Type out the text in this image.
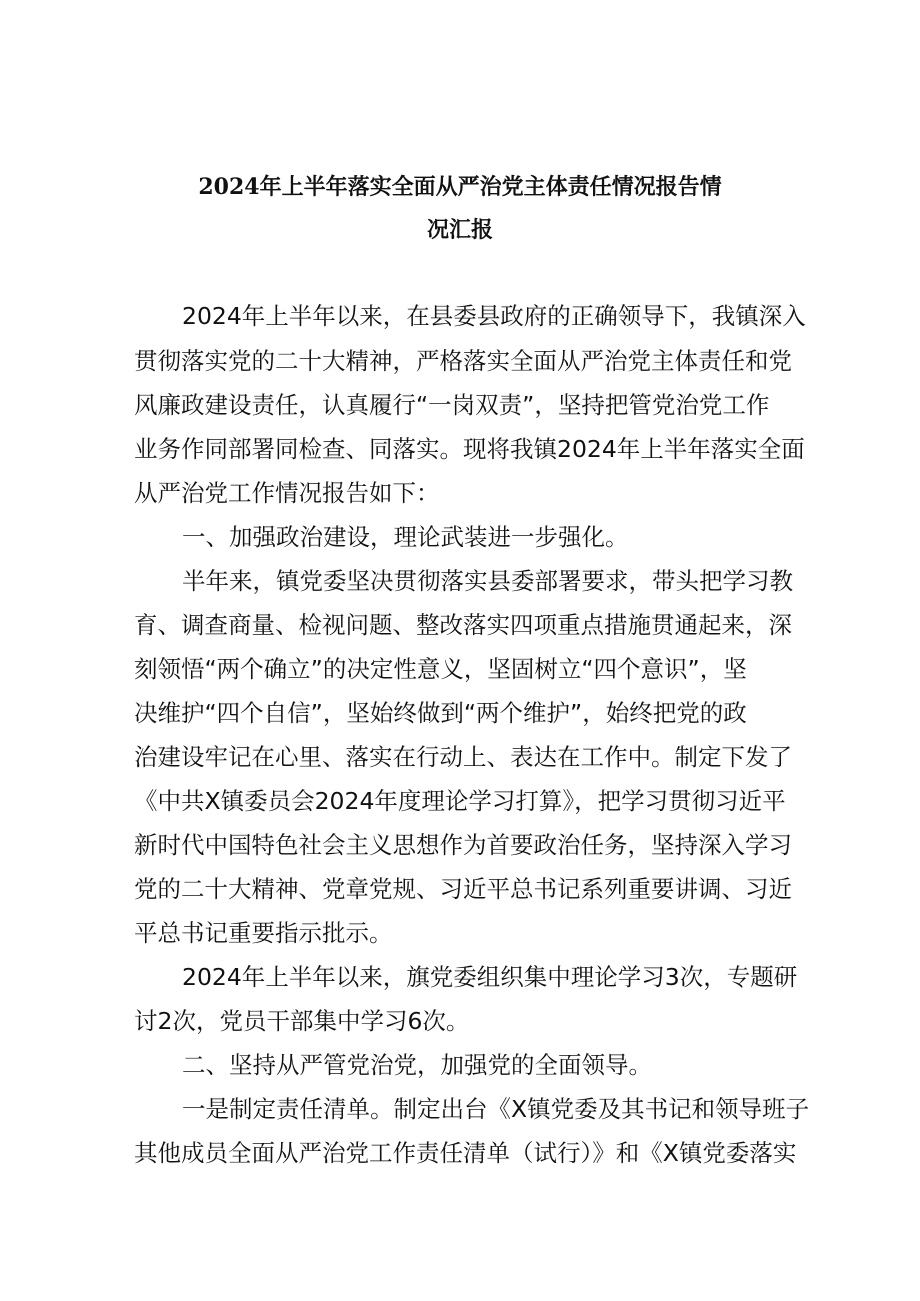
2024年上半年落实全面从严治党主体责任情况报告情
况汇报
2024年上半年以来，在县委县政府的正确领导下，我镇深入
贯彻落实党的二十大精神，严格落实全面从严治党主体责任和党
风廉政建设责任，认真履行“一岗双责”，坚持把管党治党工作
业务作同部署同检查、同落实。现将我镇2024年上半年落实全面
从严治党工作情况报告如下：
一、加强政治建设，理论武装进一步强化。
半年来，镇党委坚决贯彻落实县委部署要求，带头把学习教
育、调查商量、检视问题、整改落实四项重点措施贯通起来，深
刻领悟“两个确立”的决定性意义，坚固树立“四个意识”，坚
决维护“四个自信”，坚始终做到“两个维护”，始终把党的政
治建设牢记在心里、落实在行动上、表达在工作中。制定下发了
《中共X镇委员会2024年度理论学习打算》，把学习贯彻习近平
新时代中国特色社会主义思想作为首要政治任务，坚持深入学习
党的二十大精神、党章党规、习近平总书记系列重要讲调、习近
平总书记重要指示批示。
2024年上半年以来，旗党委组织集中理论学习3次，专题研
讨2次，党员干部集中学习6次。
二、坚持从严管党治党，加强党的全面领导。
一是制定责任清单。制定出台《X镇党委及其书记和领导班子
其他成员全面从严治党工作责任清单（试行）》和《X镇党委落实
